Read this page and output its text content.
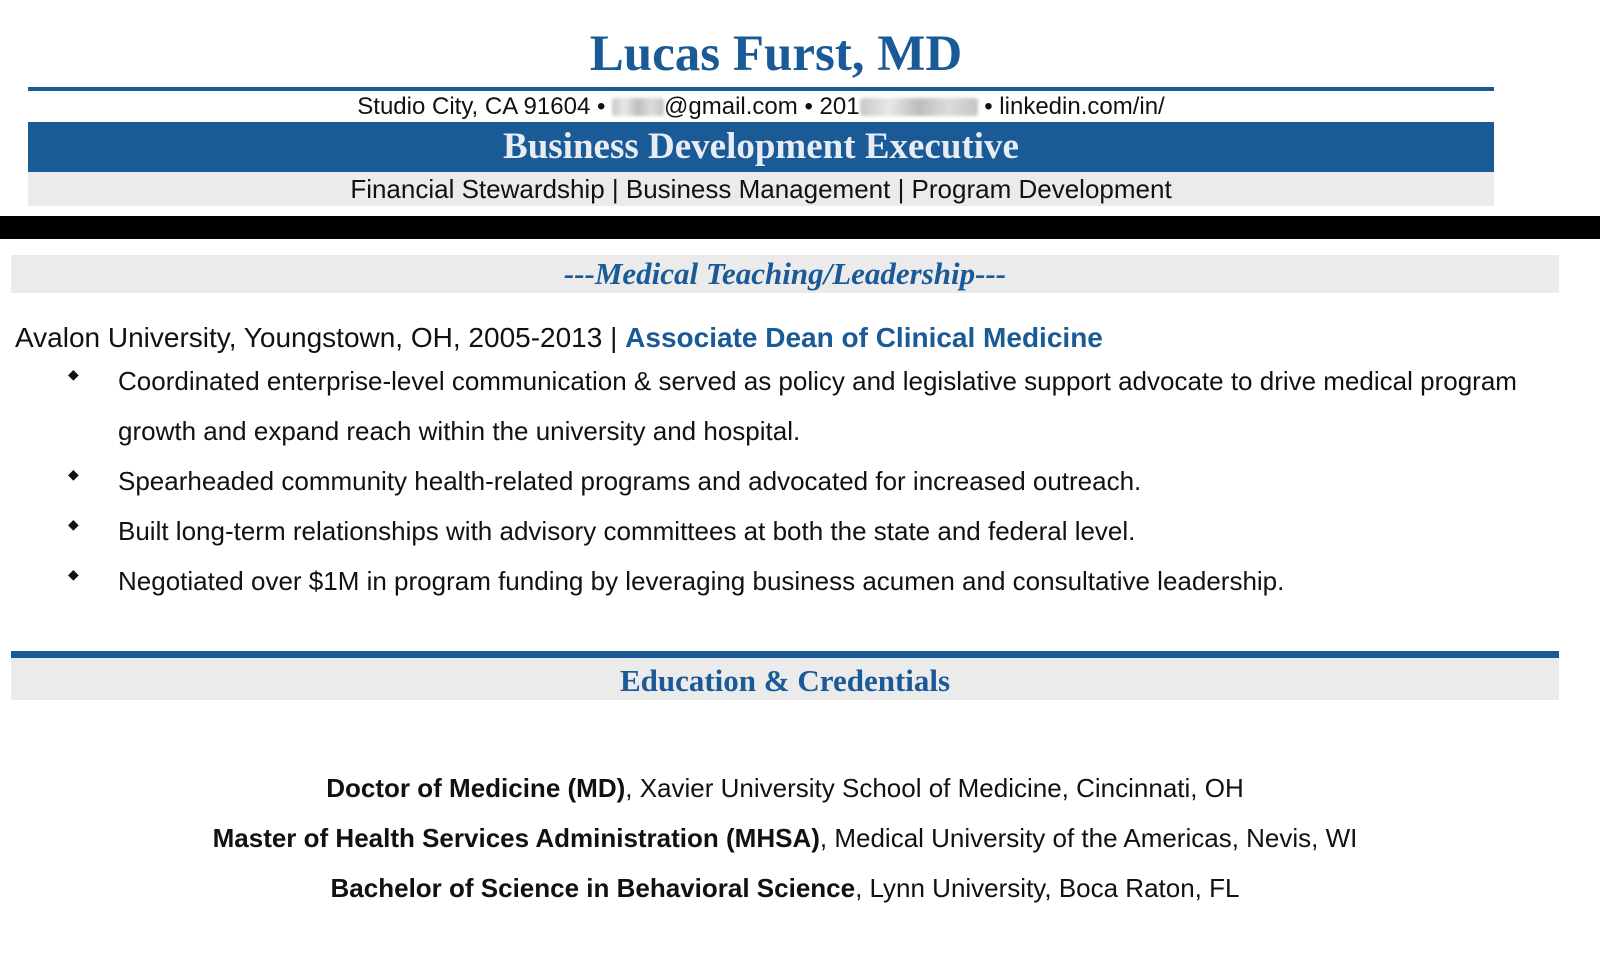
Lucas Furst, MD
Studio City, CA 91604 • @gmail.com • 201	• linkedin.com/in/
Business Development Executive
Financial Stewardship | Business Management | Program Development
---Medical Teaching/Leadership---
Avalon University, Youngstown, OH, 2005-2013 | Associate Dean of Clinical Medicine
◆ Coordinated enterprise-level communication & served as policy and legislative support advocate to drive medical program growth and expand reach within the university and hospital.
◆ Spearheaded community health-related programs and advocated for increased outreach.
◆ Built long-term relationships with advisory committees at both the state and federal level.
◆ Negotiated over $1M in program funding by leveraging business acumen and consultative leadership.
Education & Credentials
Doctor of Medicine (MD), Xavier University School of Medicine, Cincinnati, OH
Master of Health Services Administration (MHSA), Medical University of the Americas, Nevis, WI
Bachelor of Science in Behavioral Science, Lynn University, Boca Raton, FL
